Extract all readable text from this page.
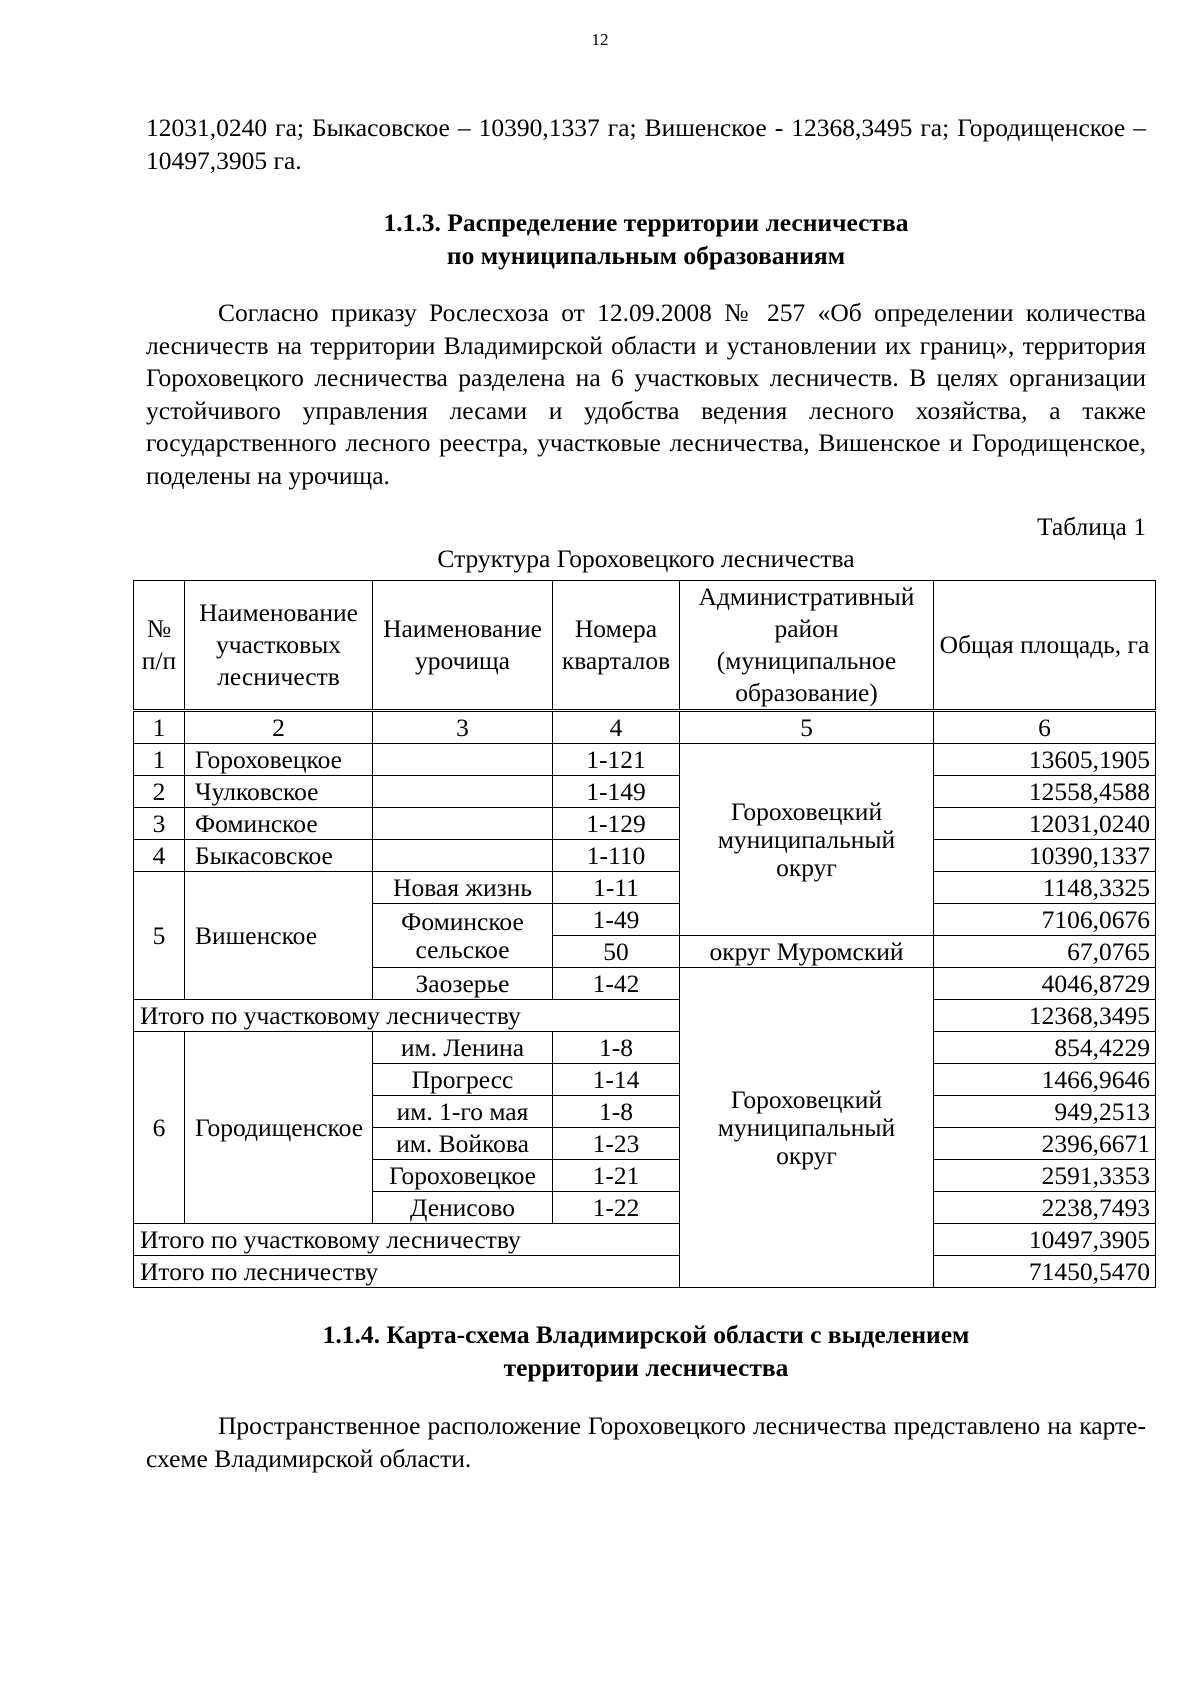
12

12031,0240 га; Быкасовское – 10390,1337 га; Вишенское - 12368,3495 га; Городищенское – 10497,3905 га.

1.1.3. Распределение территории лесничества
по муниципальным образованиям

Согласно приказу Рослесхоза от 12.09.2008 № 257 «Об определении количества лесничеств на территории Владимирской области и установлении их границ», территория Гороховецкого лесничества разделена на 6 участковых лесничеств. В целях организации устойчивого управления лесами и удобства ведения лесного хозяйства, а также государственного лесного реестра, участковые лесничества, Вишенское и Городищенское, поделены на урочища.

Таблица 1
Структура Гороховецкого лесничества
№ п/п	Наименование участковых лесничеств	Наименование урочища	Номера кварталов	Административный район (муниципальное образование)	Общая площадь, га
1	2	3	4	5	6
1	Гороховецкое		1-121	Гороховецкий муниципальный округ	13605,1905
2	Чулковское		1-149		12558,4588
3	Фоминское		1-129		12031,0240
4	Быкасовское		1-110		10390,1337
5	Вишенское	Новая жизнь	1-11		1148,3325
		Фоминское сельское	1-49		7106,0676
			50	округ Муромский	67,0765
		Заозерье	1-42	Гороховецкий муниципальный округ	4046,8729
Итого по участковому лесничеству					12368,3495
6	Городищенское	им. Ленина	1-8		854,4229
		Прогресс	1-14		1466,9646
		им. 1-го мая	1-8		949,2513
		им. Войкова	1-23		2396,6671
		Гороховецкое	1-21		2591,3353
		Денисово	1-22		2238,7493
Итого по участковому лесничеству					10497,3905
Итого по лесничеству					71450,5470
1.1.4. Карта-схема Владимирской области с выделением
территории лесничества

Пространственное расположение Гороховецкого лесничества представлено на карте-схеме Владимирской области.
